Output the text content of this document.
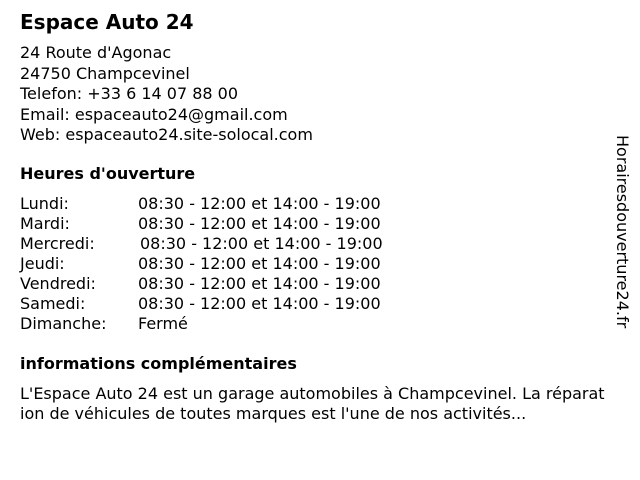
Espace Auto 24
24 Route d'Agonac
24750 Champcevinel
Telefon: +33 6 14 07 88 00
Email: espaceauto24@gmail.com
Web: espaceauto24.site-solocal.com
Heures d'ouverture
Lundi:	08:30 - 12:00 et 14:00 - 19:00
Mardi:	08:30 - 12:00 et 14:00 - 19:00
Mercredi:	08:30 - 12:00 et 14:00 - 19:00
Jeudi:	08:30 - 12:00 et 14:00 - 19:00
Vendredi:	08:30 - 12:00 et 14:00 - 19:00
Samedi:	08:30 - 12:00 et 14:00 - 19:00
Dimanche: Fermé
informations complémentaires
L'Espace Auto 24 est un garage automobiles à Champcevinel. La réparation de véhicules de toutes marques est l'une de nos activités...
Horairesdouverture24.fr
